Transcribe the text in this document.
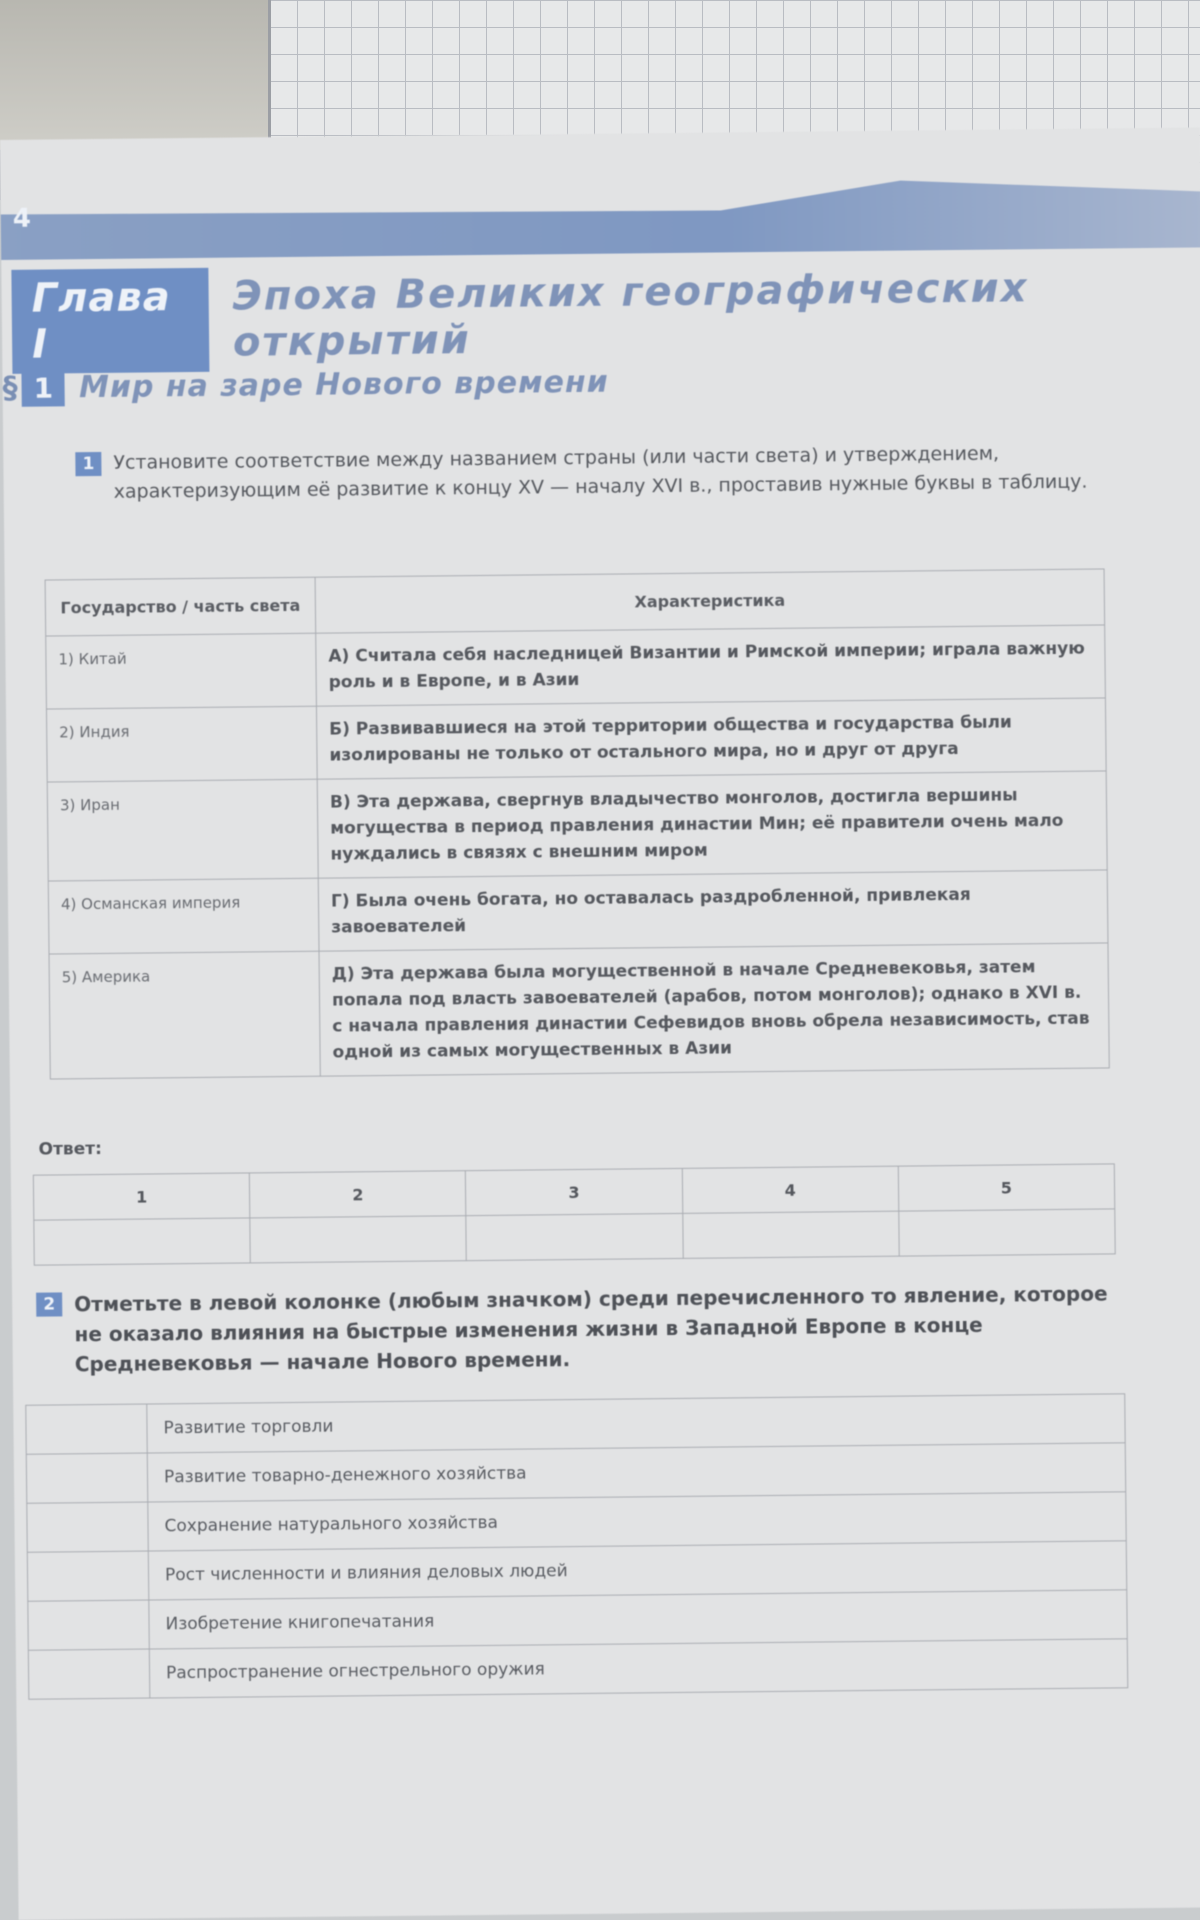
4
Глава I
Эпоха Великих географических открытий
§ 1 Мир на заре Нового времени
1 Установите соответствие между названием страны (или части света) и утверждением, характеризующим её развитие к концу XV — началу XVI в., проставив нужные буквы в таблицу.
Государство / часть света	Характеристика
1) Китай	А) Считала себя наследницей Византии и Римской империи; играла важную роль и в Европе, и в Азии
2) Индия	Б) Развивавшиеся на этой территории общества и государства были изолированы не только от остального мира, но и друг от друга
3) Иран	В) Эта держава, свергнув владычество монголов, достигла вершины могущества в период правления династии Мин; её правители очень мало нуждались в связях с внешним миром
4) Османская империя	Г) Была очень богата, но оставалась раздробленной, привлекая завоевателей
5) Америка	Д) Эта держава была могущественной в начале Средневековья, затем попала под власть завоевателей (арабов, потом монголов); однако в XVI в. с начала правления династии Сефевидов вновь обрела независимость, став одной из самых могущественных в Азии
Ответ:
1	2	3	4	5

2 Отметьте в левой колонке (любым значком) среди перечисленного то явление, которое не оказало влияния на быстрые изменения жизни в Западной Европе в конце Средневековья — начале Нового времени.
	Развитие торговли
	Развитие товарно-денежного хозяйства
	Сохранение натурального хозяйства
	Рост численности и влияния деловых людей
	Изобретение книгопечатания
	Распространение огнестрельного оружия
